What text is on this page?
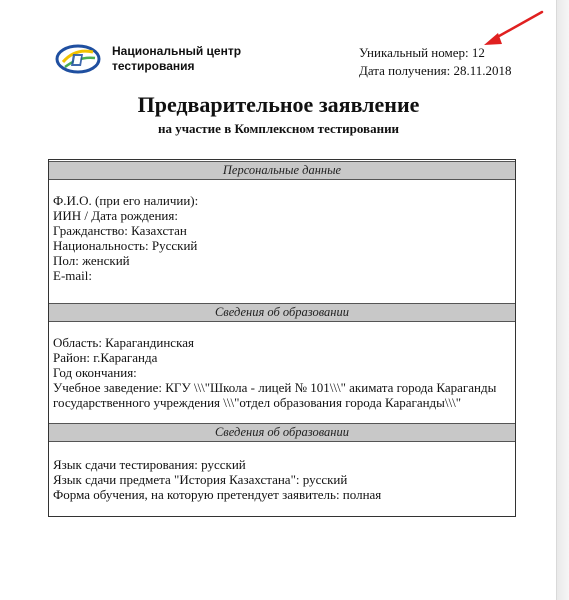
Национальный центр
тестирования
Уникальный номер: 12
Дата получения: 28.11.2018
Предварительное заявление
на участие в Комплексном тестировании
Персональные данные
Ф.И.О. (при его наличии):
ИИН / Дата рождения:
Гражданство: Казахстан
Национальность: Русский
Пол: женский
E-mail:
Сведения об образовании
Область: Карагандинская
Район: г.Караганда
Год окончания:
Учебное заведение: КГУ \\\"Школа - лицей № 101\\\" акимата города Караганды государственного учреждения \\\"отдел образования города Караганды\\\"
Сведения об образовании
Язык сдачи тестирования: русский
Язык сдачи предмета "История Казахстана": русский
Форма обучения, на которую претендует заявитель: полная
